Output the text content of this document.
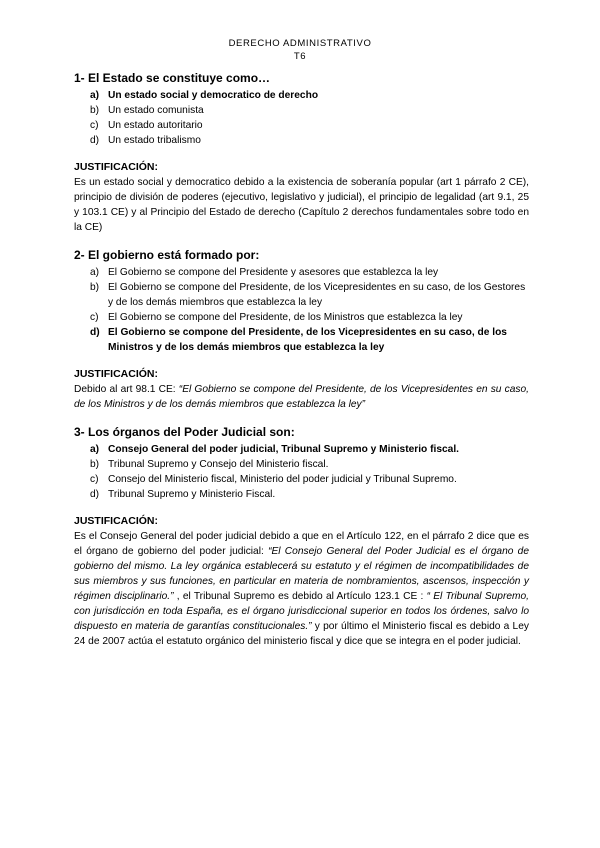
DERECHO ADMINISTRATIVO
T6
1- El Estado se constituye como…
a) Un estado social y democratico de derecho
b) Un estado comunista
c) Un estado autoritario
d) Un estado tribalismo
JUSTIFICACIÓN:

Es un estado social y democratico debido a la existencia de soberanía popular (art 1 párrafo 2 CE), principio de división de poderes (ejecutivo, legislativo y judicial), el principio de legalidad (art 9.1, 25 y 103.1 CE) y al Principio del Estado de derecho (Capítulo 2 derechos fundamentales sobre todo en la CE)

2- El gobierno está formado por:
a) El Gobierno se compone del Presidente y asesores que establezca la ley
b) El Gobierno se compone del Presidente, de los Vicepresidentes en su caso, de los Gestores y de los demás miembros que establezca la ley
c) El Gobierno se compone del Presidente, de los Ministros que establezca la ley
d) El Gobierno se compone del Presidente, de los Vicepresidentes en su caso, de los Ministros y de los demás miembros que establezca la ley
JUSTIFICACIÓN:

Debido al art 98.1 CE: “El Gobierno se compone del Presidente, de los Vicepresidentes en su caso, de los Ministros y de los demás miembros que establezca la ley”

3- Los órganos del Poder Judicial son:
a) Consejo General del poder judicial, Tribunal Supremo y Ministerio fiscal.
b) Tribunal Supremo y Consejo del Ministerio fiscal.
c) Consejo del Ministerio fiscal, Ministerio del poder judicial y Tribunal Supremo.
d) Tribunal Supremo y Ministerio Fiscal.
JUSTIFICACIÓN:

Es el Consejo General del poder judicial debido a que en el Artículo 122, en el párrafo 2 dice que es el órgano de gobierno del poder judicial: “El Consejo General del Poder Judicial es el órgano de gobierno del mismo. La ley orgánica establecerá su estatuto y el régimen de incompatibilidades de sus miembros y sus funciones, en particular en materia de nombramientos, ascensos, inspección y régimen disciplinario.” , el Tribunal Supremo es debido al Artículo 123.1 CE : “ El Tribunal Supremo, con jurisdicción en toda España, es el órgano jurisdiccional superior en todos los órdenes, salvo lo dispuesto en materia de garantías constitucionales.” y por último el Ministerio fiscal es debido a Ley 24 de 2007 actúa el estatuto orgánico del ministerio fiscal y dice que se integra en el poder judicial.
